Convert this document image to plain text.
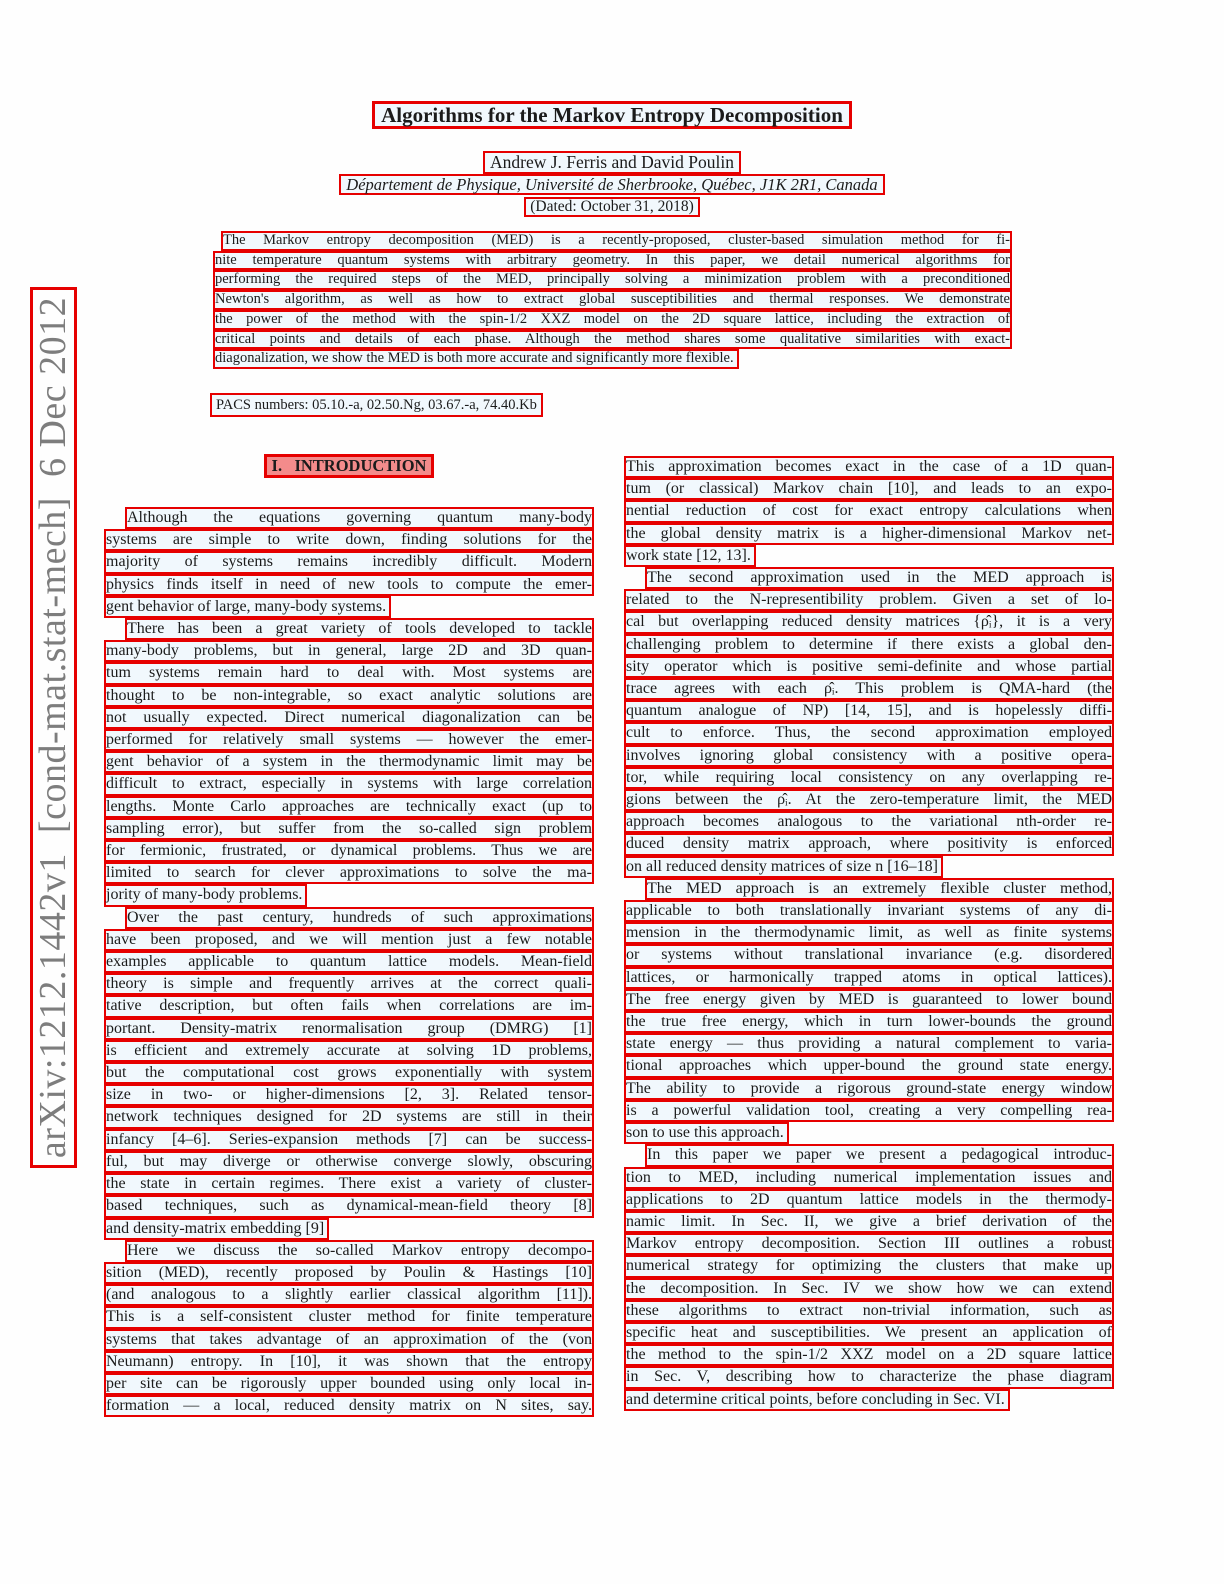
arXiv:1212.1442v1  [cond-mat.stat-mech]  6 Dec 2012
Algorithms for the Markov Entropy Decomposition
Andrew J. Ferris and David Poulin
Département de Physique, Université de Sherbrooke, Québec, J1K 2R1, Canada
(Dated: October 31, 2018)
The Markov entropy decomposition (MED) is a recently-proposed, cluster-based simulation method for fi-
nite temperature quantum systems with arbitrary geometry. In this paper, we detail numerical algorithms for
performing the required steps of the MED, principally solving a minimization problem with a preconditioned
Newton's algorithm, as well as how to extract global susceptibilities and thermal responses. We demonstrate
the power of the method with the spin-1/2 XXZ model on the 2D square lattice, including the extraction of
critical points and details of each phase. Although the method shares some qualitative similarities with exact-
diagonalization, we show the MED is both more accurate and significantly more flexible.
PACS numbers: 05.10.-a, 02.50.Ng, 03.67.-a, 74.40.Kb
I.   INTRODUCTION
Although the equations governing quantum many-body
systems are simple to write down, finding solutions for the
majority of systems remains incredibly difficult. Modern
physics finds itself in need of new tools to compute the emer-
gent behavior of large, many-body systems.
There has been a great variety of tools developed to tackle
many-body problems, but in general, large 2D and 3D quan-
tum systems remain hard to deal with. Most systems are
thought to be non-integrable, so exact analytic solutions are
not usually expected. Direct numerical diagonalization can be
performed for relatively small systems — however the emer-
gent behavior of a system in the thermodynamic limit may be
difficult to extract, especially in systems with large correlation
lengths. Monte Carlo approaches are technically exact (up to
sampling error), but suffer from the so-called sign problem
for fermionic, frustrated, or dynamical problems. Thus we are
limited to search for clever approximations to solve the ma-
jority of many-body problems.
Over the past century, hundreds of such approximations
have been proposed, and we will mention just a few notable
examples applicable to quantum lattice models. Mean-field
theory is simple and frequently arrives at the correct quali-
tative description, but often fails when correlations are im-
portant. Density-matrix renormalisation group (DMRG) [1]
is efficient and extremely accurate at solving 1D problems,
but the computational cost grows exponentially with system
size in two- or higher-dimensions [2, 3]. Related tensor-
network techniques designed for 2D systems are still in their
infancy [4–6]. Series-expansion methods [7] can be success-
ful, but may diverge or otherwise converge slowly, obscuring
the state in certain regimes. There exist a variety of cluster-
based techniques, such as dynamical-mean-field theory [8]
and density-matrix embedding [9]
Here we discuss the so-called Markov entropy decompo-
sition (MED), recently proposed by Poulin & Hastings [10]
(and analogous to a slightly earlier classical algorithm [11]).
This is a self-consistent cluster method for finite temperature
systems that takes advantage of an approximation of the (von
Neumann) entropy. In [10], it was shown that the entropy
per site can be rigorously upper bounded using only local in-
formation — a local, reduced density matrix on N sites, say.
This approximation becomes exact in the case of a 1D quan-
tum (or classical) Markov chain [10], and leads to an expo-
nential reduction of cost for exact entropy calculations when
the global density matrix is a higher-dimensional Markov net-
work state [12, 13].
The second approximation used in the MED approach is
related to the N-representibility problem. Given a set of lo-
cal but overlapping reduced density matrices {ρ̂ᵢ}, it is a very
challenging problem to determine if there exists a global den-
sity operator which is positive semi-definite and whose partial
trace agrees with each ρ̂ᵢ. This problem is QMA-hard (the
quantum analogue of NP) [14, 15], and is hopelessly diffi-
cult to enforce. Thus, the second approximation employed
involves ignoring global consistency with a positive opera-
tor, while requiring local consistency on any overlapping re-
gions between the ρ̂ᵢ. At the zero-temperature limit, the MED
approach becomes analogous to the variational nth-order re-
duced density matrix approach, where positivity is enforced
on all reduced density matrices of size n [16–18]
The MED approach is an extremely flexible cluster method,
applicable to both translationally invariant systems of any di-
mension in the thermodynamic limit, as well as finite systems
or systems without translational invariance (e.g. disordered
lattices, or harmonically trapped atoms in optical lattices).
The free energy given by MED is guaranteed to lower bound
the true free energy, which in turn lower-bounds the ground
state energy — thus providing a natural complement to varia-
tional approaches which upper-bound the ground state energy.
The ability to provide a rigorous ground-state energy window
is a powerful validation tool, creating a very compelling rea-
son to use this approach.
In this paper we paper we present a pedagogical introduc-
tion to MED, including numerical implementation issues and
applications to 2D quantum lattice models in the thermody-
namic limit. In Sec. II, we give a brief derivation of the
Markov entropy decomposition. Section III outlines a robust
numerical strategy for optimizing the clusters that make up
the decomposition. In Sec. IV we show how we can extend
these algorithms to extract non-trivial information, such as
specific heat and susceptibilities. We present an application of
the method to the spin-1/2 XXZ model on a 2D square lattice
in Sec. V, describing how to characterize the phase diagram
and determine critical points, before concluding in Sec. VI.
